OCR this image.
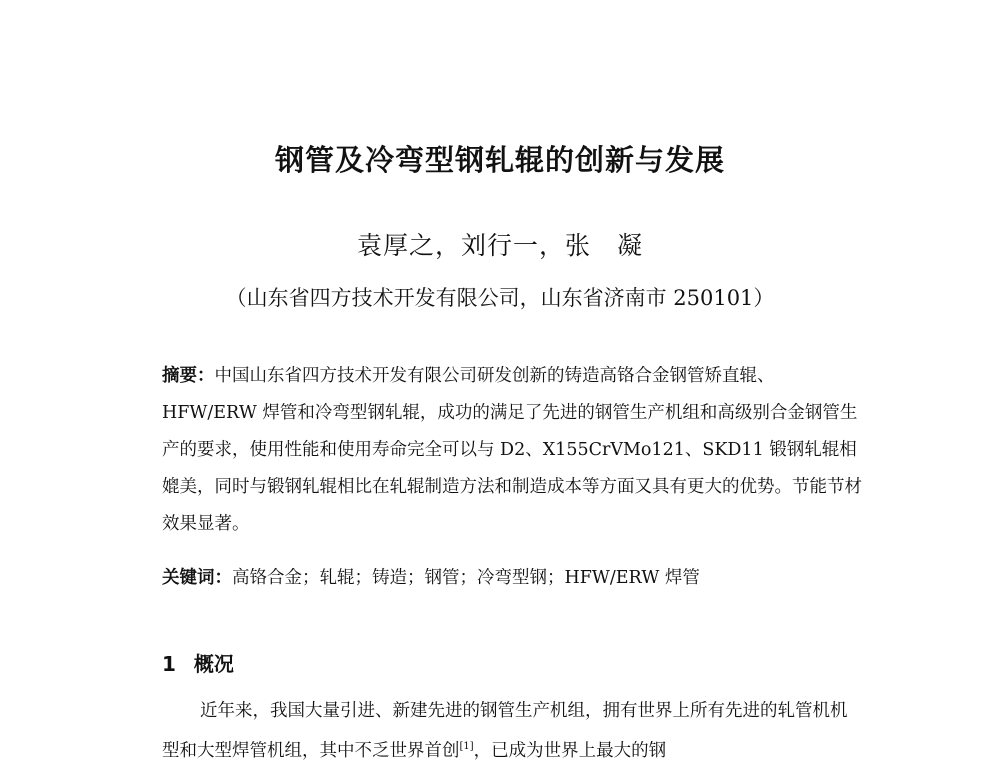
钢管及冷弯型钢轧辊的创新与发展
袁厚之，刘行一，张　凝
（山东省四方技术开发有限公司，山东省济南市 250101）
摘要：中国山东省四方技术开发有限公司研发创新的铸造高铬合金钢管矫直辊、HFW/ERW 焊管和冷弯型钢轧辊，成功的满足了先进的钢管生产机组和高级别合金钢管生产的要求，使用性能和使用寿命完全可以与 D2、X155CrVMo121、SKD11 锻钢轧辊相媲美，同时与锻钢轧辊相比在轧辊制造方法和制造成本等方面又具有更大的优势。节能节材效果显著。
关键词：高铬合金；轧辊；铸造；钢管；冷弯型钢；HFW/ERW 焊管
1 概况
近年来，我国大量引进、新建先进的钢管生产机组，拥有世界上所有先进的轧管机机型和大型焊管机组，其中不乏世界首创[1]，已成为世界上最大的钢
